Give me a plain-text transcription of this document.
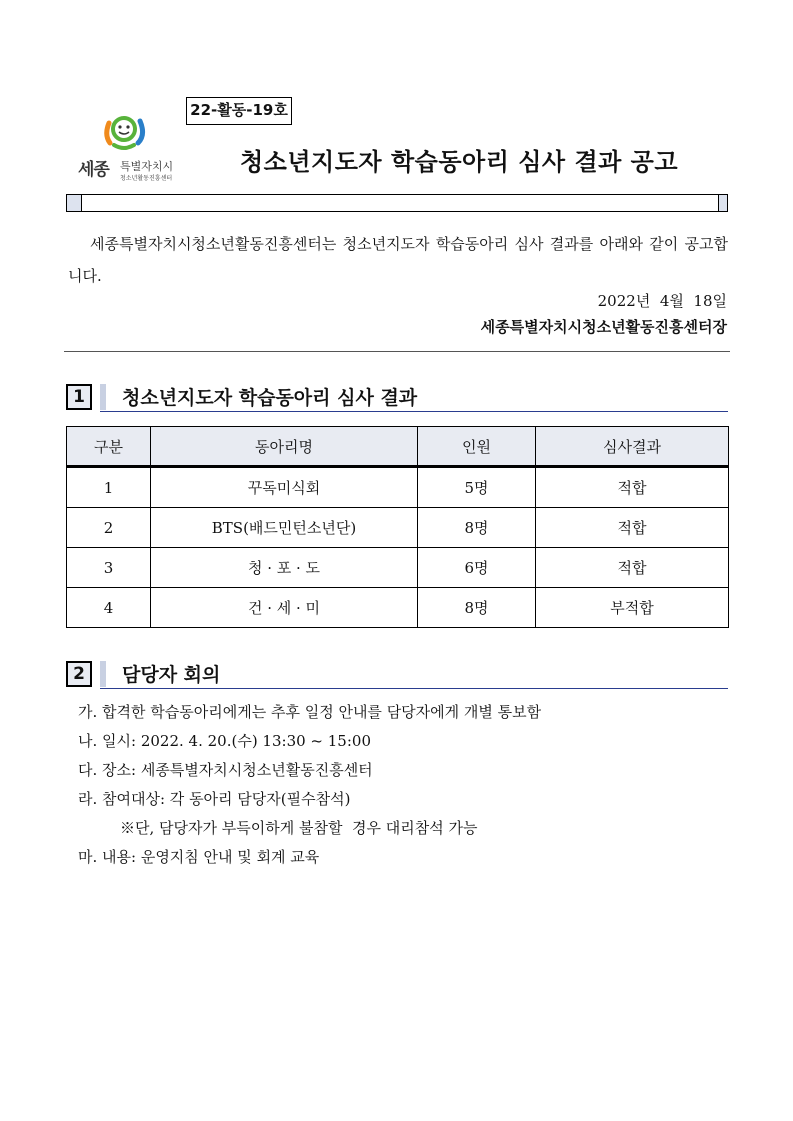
22-활동-19호
세종 특별자치시
청소년활동진흥센터
청소년지도자 학습동아리 심사 결과 공고

세종특별자치시청소년활동진흥센터는 청소년지도자 학습동아리 심사 결과를 아래와 같이 공고합니다.

2022년  4월  18일
세종특별자치시청소년활동진흥센터장
1	청소년지도자 학습동아리 심사 결과
구분	동아리명	인원	심사결과
1	꾸독미식회	5명	적합
2	BTS(배드민턴소년단)	8명	적합
3	청 · 포 · 도	6명	적합
4	건 · 세 · 미	8명	부적합
2	담당자 회의
가. 합격한 학습동아리에게는 추후 일정 안내를 담당자에게 개별 통보함
나. 일시: 2022. 4. 20.(수) 13:30 ~ 15:00
다. 장소: 세종특별자치시청소년활동진흥센터
라. 참여대상: 각 동아리 담당자(필수참석)
※단, 담당자가 부득이하게 불참할  경우 대리참석 가능
마. 내용: 운영지침 안내 및 회계 교육
